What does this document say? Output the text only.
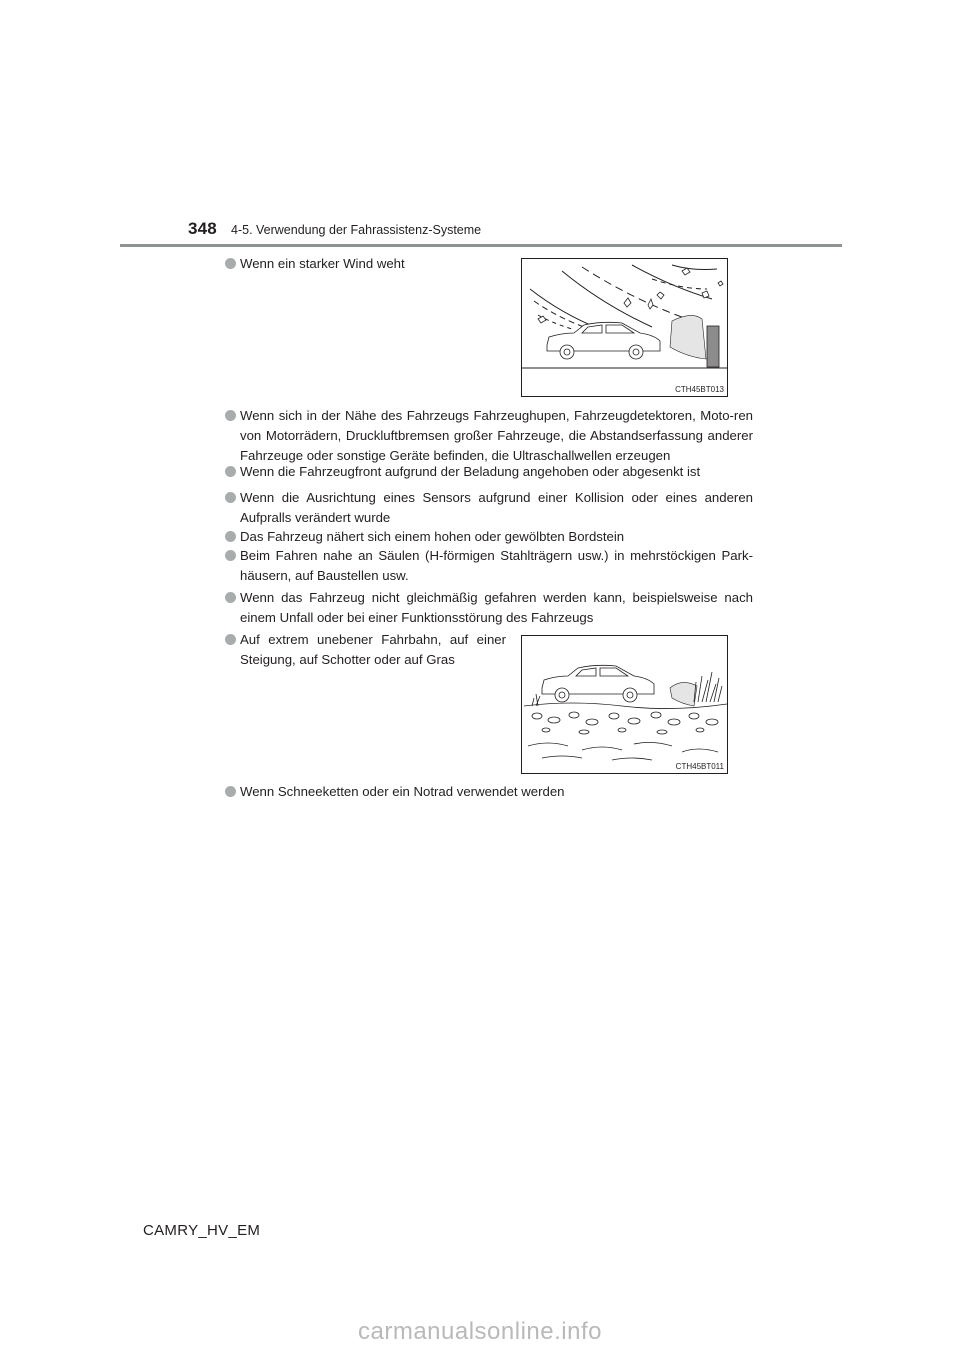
348 4-5. Verwendung der Fahrassistenz-Systeme
Wenn ein starker Wind weht
CTH45BT013
Wenn sich in der Nähe des Fahrzeugs Fahrzeughupen, Fahrzeugdetektoren, Moto-ren von Motorrädern, Druckluftbremsen großer Fahrzeuge, die Abstandserfassung anderer Fahrzeuge oder sonstige Geräte befinden, die Ultraschallwellen erzeugen
Wenn die Fahrzeugfront aufgrund der Beladung angehoben oder abgesenkt ist
Wenn die Ausrichtung eines Sensors aufgrund einer Kollision oder eines anderen Aufpralls verändert wurde
Das Fahrzeug nähert sich einem hohen oder gewölbten Bordstein
Beim Fahren nahe an Säulen (H-förmigen Stahlträgern usw.) in mehrstöckigen Park-häusern, auf Baustellen usw.
Wenn das Fahrzeug nicht gleichmäßig gefahren werden kann, beispielsweise nach einem Unfall oder bei einer Funktionsstörung des Fahrzeugs
Auf extrem unebener Fahrbahn, auf einer Steigung, auf Schotter oder auf Gras
CTH45BT011
Wenn Schneeketten oder ein Notrad verwendet werden
CAMRY_HV_EM
carmanualsonline.info
